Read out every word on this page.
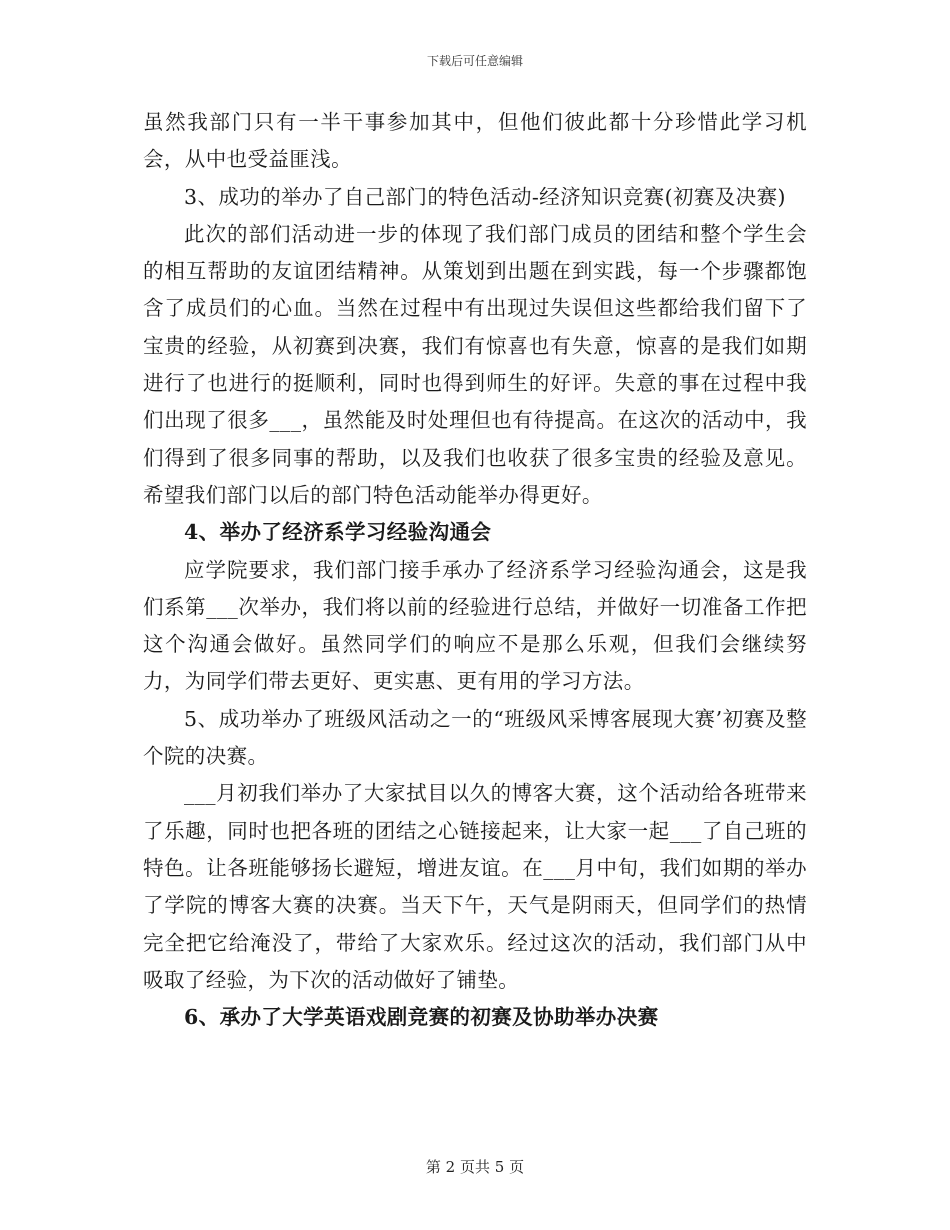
下载后可任意编辑

虽然我部门只有一半干事参加其中，但他们彼此都十分珍惜此学习机会，从中也受益匪浅。

3、成功的举办了自己部门的特色活动-经济知识竞赛(初赛及决赛)

此次的部们活动进一步的体现了我们部门成员的团结和整个学生会的相互帮助的友谊团结精神。从策划到出题在到实践，每一个步骤都饱含了成员们的心血。当然在过程中有出现过失误但这些都给我们留下了宝贵的经验，从初赛到决赛，我们有惊喜也有失意，惊喜的是我们如期进行了也进行的挺顺利，同时也得到师生的好评。失意的事在过程中我们出现了很多___，虽然能及时处理但也有待提高。在这次的活动中，我们得到了很多同事的帮助，以及我们也收获了很多宝贵的经验及意见。希望我们部门以后的部门特色活动能举办得更好。

4、举办了经济系学习经验沟通会

应学院要求，我们部门接手承办了经济系学习经验沟通会，这是我们系第___次举办，我们将以前的经验进行总结，并做好一切准备工作把这个沟通会做好。虽然同学们的响应不是那么乐观，但我们会继续努力，为同学们带去更好、更实惠、更有用的学习方法。

5、成功举办了班级风活动之一的“班级风采博客展现大赛’初赛及整个院的决赛。

___月初我们举办了大家拭目以久的博客大赛，这个活动给各班带来了乐趣，同时也把各班的团结之心链接起来，让大家一起___了自己班的特色。让各班能够扬长避短，增进友谊。在___月中旬，我们如期的举办了学院的博客大赛的决赛。当天下午，天气是阴雨天，但同学们的热情完全把它给淹没了，带给了大家欢乐。经过这次的活动，我们部门从中吸取了经验，为下次的活动做好了铺垫。

6、承办了大学英语戏剧竞赛的初赛及协助举办决赛

第 2 页共 5 页
